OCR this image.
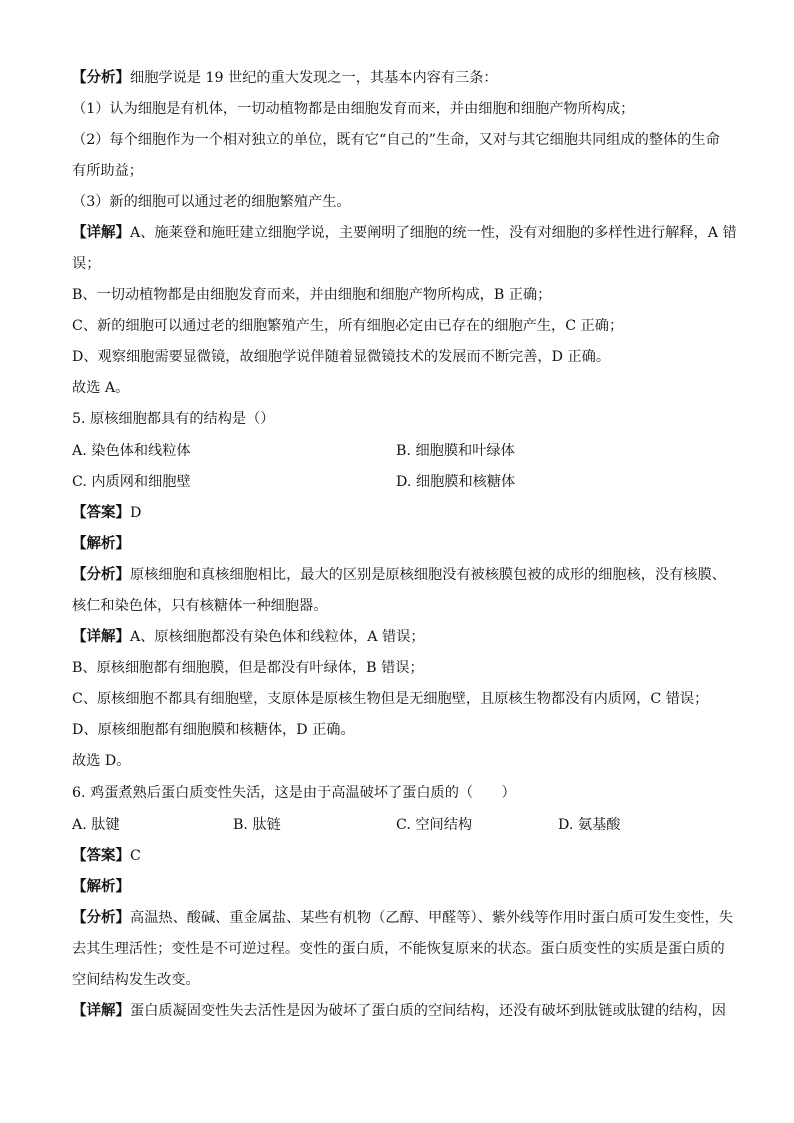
【分析】细胞学说是 19 世纪的重大发现之一，其基本内容有三条：
（1）认为细胞是有机体，一切动植物都是由细胞发育而来，并由细胞和细胞产物所构成；
（2）每个细胞作为一个相对独立的单位，既有它“自己的”生命，又对与其它细胞共同组成的整体的生命
有所助益；
（3）新的细胞可以通过老的细胞繁殖产生。
【详解】A、施莱登和施旺建立细胞学说，主要阐明了细胞的统一性，没有对细胞的多样性进行解释，A 错
误；
B、一切动植物都是由细胞发育而来，并由细胞和细胞产物所构成，B 正确；
C、新的细胞可以通过老的细胞繁殖产生，所有细胞必定由已存在的细胞产生，C 正确；
D、观察细胞需要显微镜，故细胞学说伴随着显微镜技术的发展而不断完善，D 正确。
故选 A。
5. 原核细胞都具有的结构是（）
A. 染色体和线粒体	B. 细胞膜和叶绿体
C. 内质网和细胞壁	D. 细胞膜和核糖体
【答案】D
【解析】
【分析】原核细胞和真核细胞相比，最大的区别是原核细胞没有被核膜包被的成形的细胞核，没有核膜、
核仁和染色体，只有核糖体一种细胞器。
【详解】A、原核细胞都没有染色体和线粒体，A 错误；
B、原核细胞都有细胞膜，但是都没有叶绿体，B 错误；
C、原核细胞不都具有细胞壁，支原体是原核生物但是无细胞壁，且原核生物都没有内质网，C 错误；
D、原核细胞都有细胞膜和核糖体，D 正确。
故选 D。
6. 鸡蛋煮熟后蛋白质变性失活，这是由于高温破坏了蛋白质的（　　）
A. 肽键	B. 肽链	C. 空间结构	D. 氨基酸
【答案】C
【解析】
【分析】高温热、酸碱、重金属盐、某些有机物（乙醇、甲醛等）、紫外线等作用时蛋白质可发生变性，失
去其生理活性；变性是不可逆过程。变性的蛋白质，不能恢复原来的状态。蛋白质变性的实质是蛋白质的
空间结构发生改变。
【详解】蛋白质凝固变性失去活性是因为破坏了蛋白质的空间结构，还没有破坏到肽链或肽键的结构，因
